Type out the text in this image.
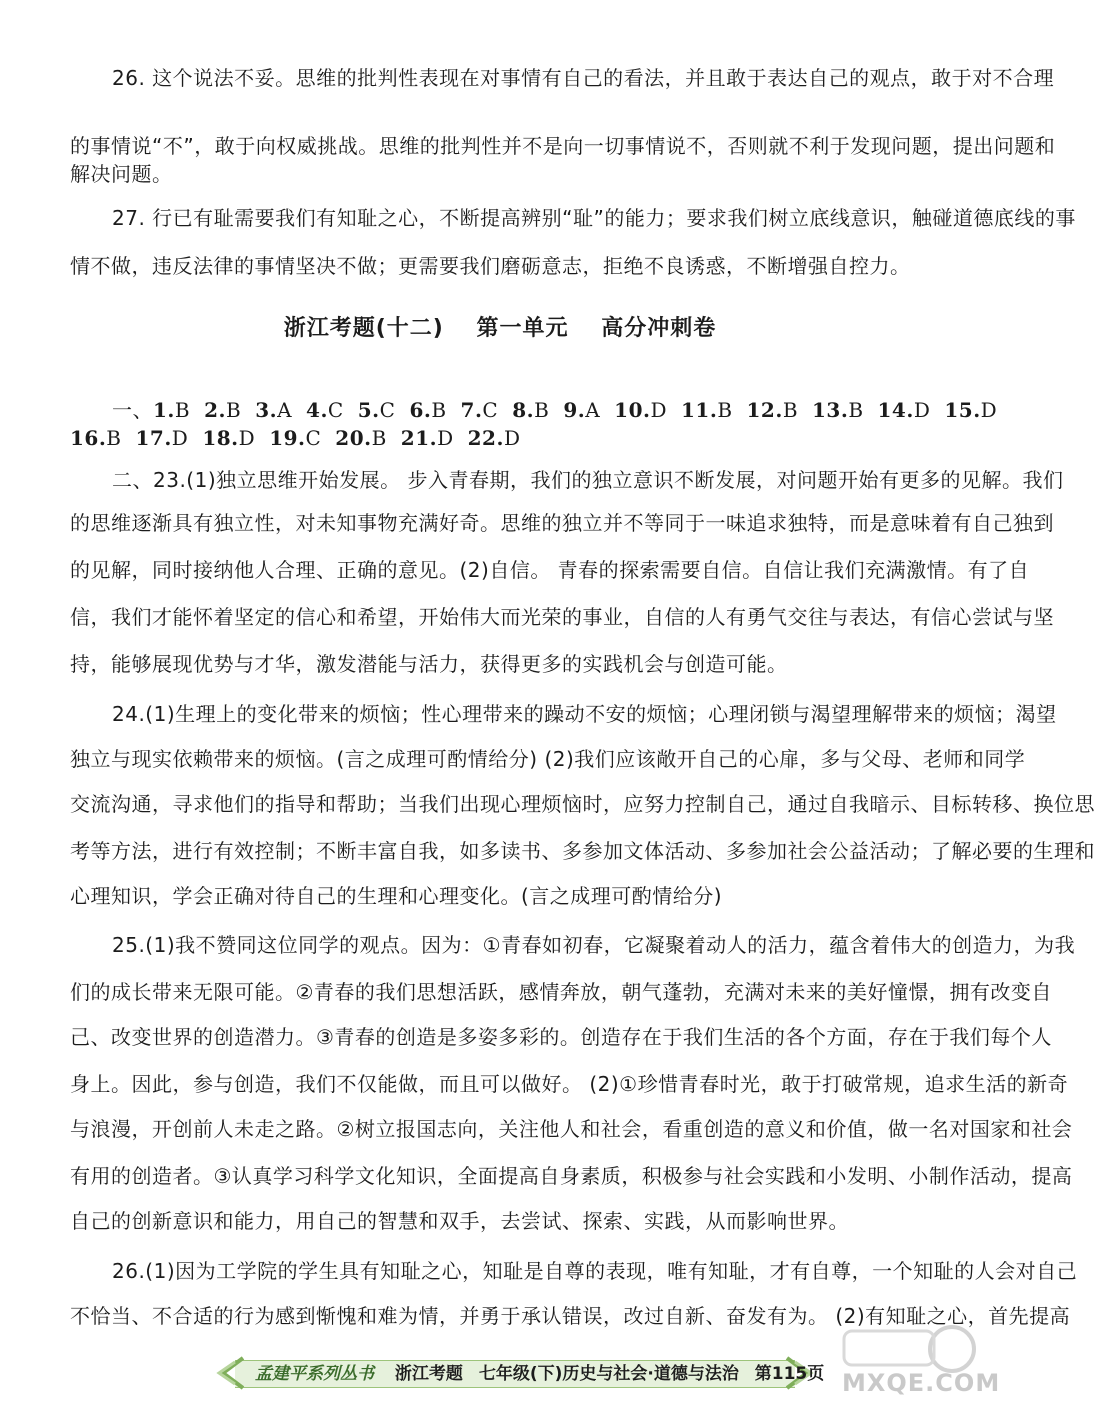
26. 这个说法不妥。思维的批判性表现在对事情有自己的看法，并且敢于表达自己的观点，敢于对不合理
的事情说“不”，敢于向权威挑战。思维的批判性并不是向一切事情说不，否则就不利于发现问题，提出问题和
解决问题。
27. 行已有耻需要我们有知耻之心，不断提高辨别“耻”的能力；要求我们树立底线意识，触碰道德底线的事
情不做，违反法律的事情坚决不做；更需要我们磨砺意志，拒绝不良诱惑，不断增强自控力。
浙江考题(十二) 第一单元 高分冲刺卷
一、1.B 2.B 3.A 4.C 5.C 6.B 7.C 8.B 9.A 10.D 11.B 12.B 13.B 14.D 15.D
16.B 17.D 18.D 19.C 20.B 21.D 22.D
二、23.(1)独立思维开始发展。 步入青春期，我们的独立意识不断发展，对问题开始有更多的见解。我们
的思维逐渐具有独立性，对未知事物充满好奇。思维的独立并不等同于一味追求独特，而是意味着有自己独到
的见解，同时接纳他人合理、正确的意见。(2)自信。 青春的探索需要自信。自信让我们充满激情。有了自
信，我们才能怀着坚定的信心和希望，开始伟大而光荣的事业，自信的人有勇气交往与表达，有信心尝试与坚
持，能够展现优势与才华，激发潜能与活力，获得更多的实践机会与创造可能。
24.(1)生理上的变化带来的烦恼；性心理带来的躁动不安的烦恼；心理闭锁与渴望理解带来的烦恼；渴望
独立与现实依赖带来的烦恼。(言之成理可酌情给分) (2)我们应该敞开自己的心扉，多与父母、老师和同学
交流沟通，寻求他们的指导和帮助；当我们出现心理烦恼时，应努力控制自己，通过自我暗示、目标转移、换位思
考等方法，进行有效控制；不断丰富自我，如多读书、多参加文体活动、多参加社会公益活动；了解必要的生理和
心理知识，学会正确对待自己的生理和心理变化。(言之成理可酌情给分)
25.(1)我不赞同这位同学的观点。因为：①青春如初春，它凝聚着动人的活力，蕴含着伟大的创造力，为我
们的成长带来无限可能。②青春的我们思想活跃，感情奔放，朝气蓬勃，充满对未来的美好憧憬，拥有改变自
己、改变世界的创造潜力。③青春的创造是多姿多彩的。创造存在于我们生活的各个方面，存在于我们每个人
身上。因此，参与创造，我们不仅能做，而且可以做好。 (2)①珍惜青春时光，敢于打破常规，追求生活的新奇
与浪漫，开创前人未走之路。②树立报国志向，关注他人和社会，看重创造的意义和价值，做一名对国家和社会
有用的创造者。③认真学习科学文化知识，全面提高自身素质，积极参与社会实践和小发明、小制作活动，提高
自己的创新意识和能力，用自己的智慧和双手，去尝试、探索、实践，从而影响世界。
26.(1)因为工学院的学生具有知耻之心，知耻是自尊的表现，唯有知耻，才有自尊，一个知耻的人会对自己
不恰当、不合适的行为感到惭愧和难为情，并勇于承认错误，改过自新、奋发有为。 (2)有知耻之心，首先提高
孟建平系列丛书 浙江考题 七年级(下)历史与社会·道德与法治 第115页 MXQE.COM
